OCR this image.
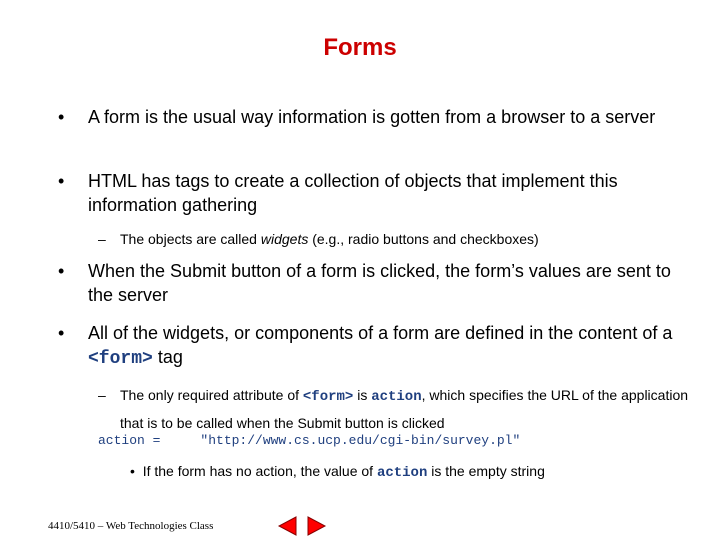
Forms
• A form is the usual way information is gotten from a browser to a server
• HTML has tags to create a collection of objects that implement this information gathering
– The objects are called widgets (e.g., radio buttons and checkboxes)
• When the Submit button of a form is clicked, the form’s values are sent to the server
• All of the widgets, or components of a form are defined in the content of a <form> tag
– The only required attribute of <form> is action, which specifies the URL of the application that is to be called when the Submit button is clicked
action =	"http://www.cs.ucp.edu/cgi-bin/survey.pl"
•  If the form has no action, the value of action is the empty string
4410/5410 – Web Technologies Class
